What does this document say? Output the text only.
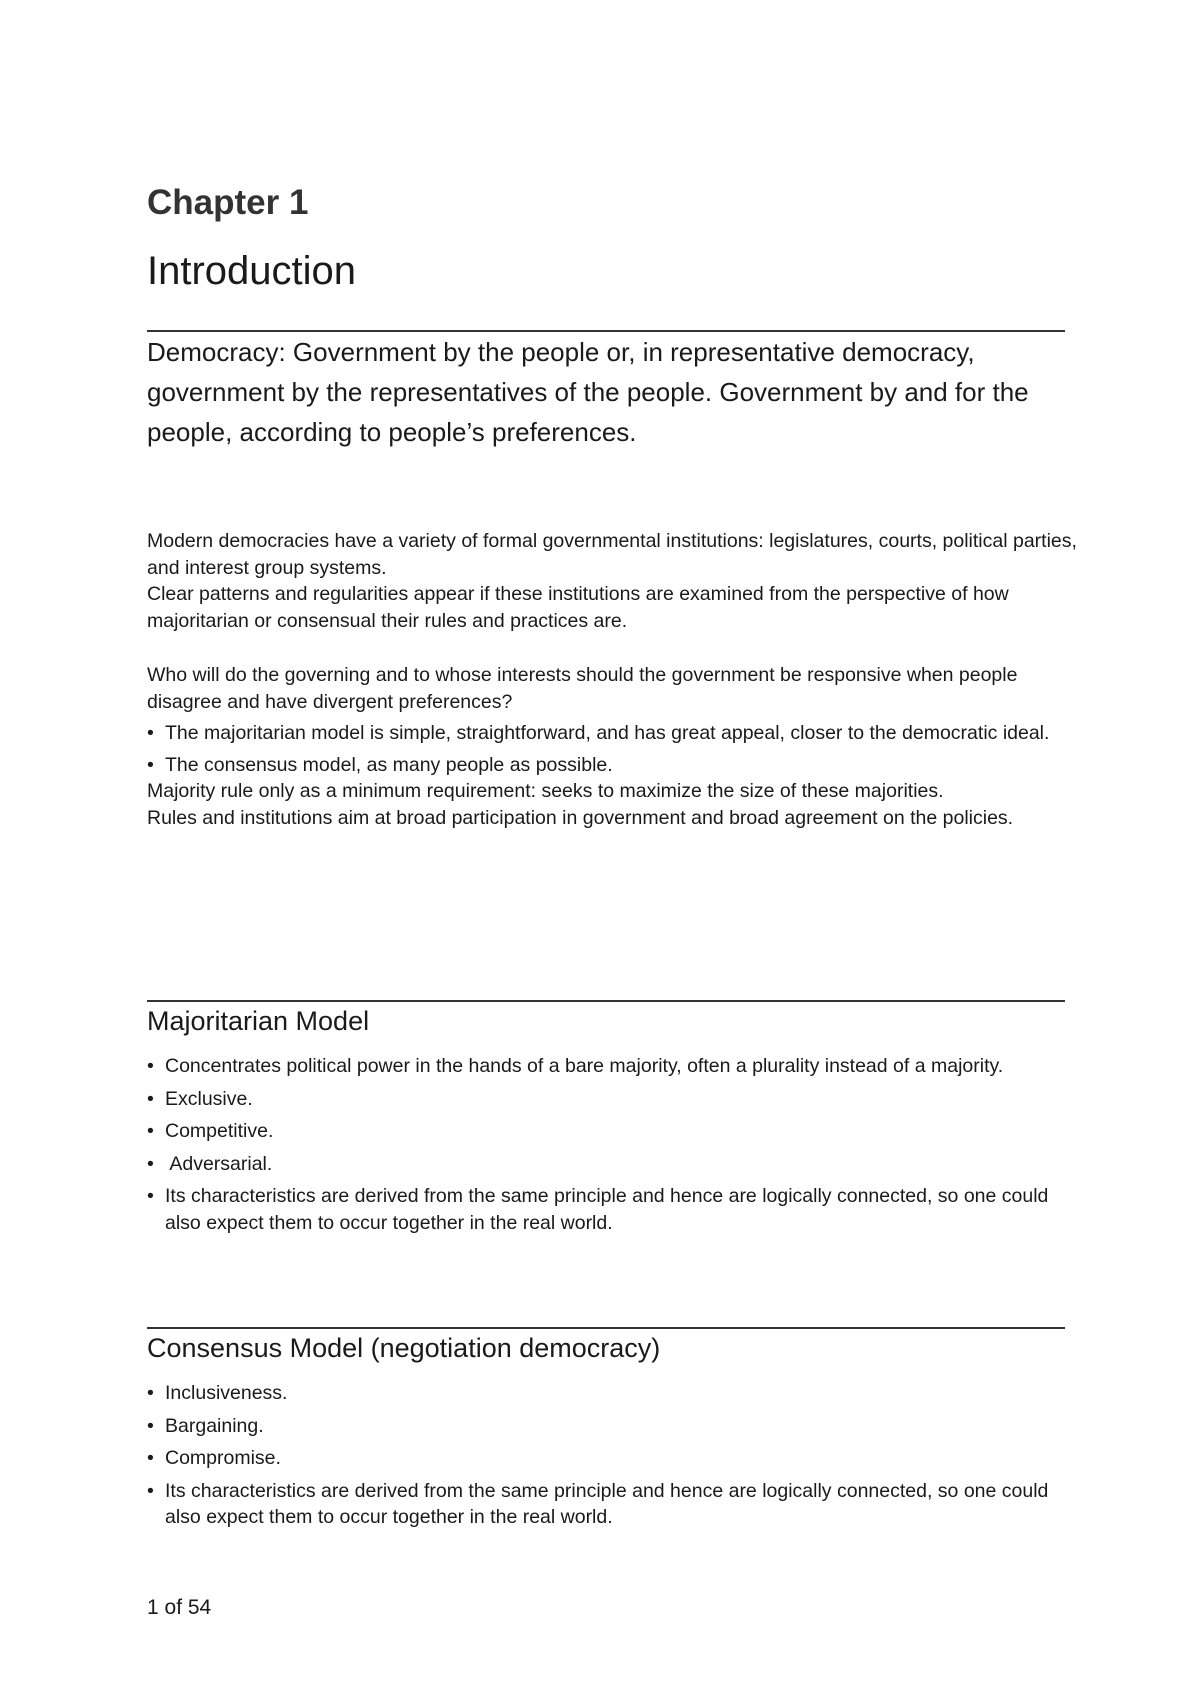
Chapter 1
Introduction

Democracy: Government by the people or, in representative democracy, government by the representatives of the people. Government by and for the people, according to people’s preferences.

Modern democracies have a variety of formal governmental institutions: legislatures, courts, political parties, and interest group systems.

Clear patterns and regularities appear if these institutions are examined from the perspective of how majoritarian or consensual their rules and practices are.

Who will do the governing and to whose interests should the government be responsive when people disagree and have divergent preferences?

• The majoritarian model is simple, straightforward, and has great appeal, closer to the democratic ideal.
• The consensus model, as many people as possible.

Majority rule only as a minimum requirement: seeks to maximize the size of these majorities.

Rules and institutions aim at broad participation in government and broad agreement on the policies.

Majoritarian Model
• Concentrates political power in the hands of a bare majority, often a plurality instead of a majority.
• Exclusive.
• Competitive.
• Adversarial.
• Its characteristics are derived from the same principle and hence are logically connected, so one could also expect them to occur together in the real world.
Consensus Model (negotiation democracy)
• Inclusiveness.
• Bargaining.
• Compromise.
• Its characteristics are derived from the same principle and hence are logically connected, so one could also expect them to occur together in the real world.

1 of 54
